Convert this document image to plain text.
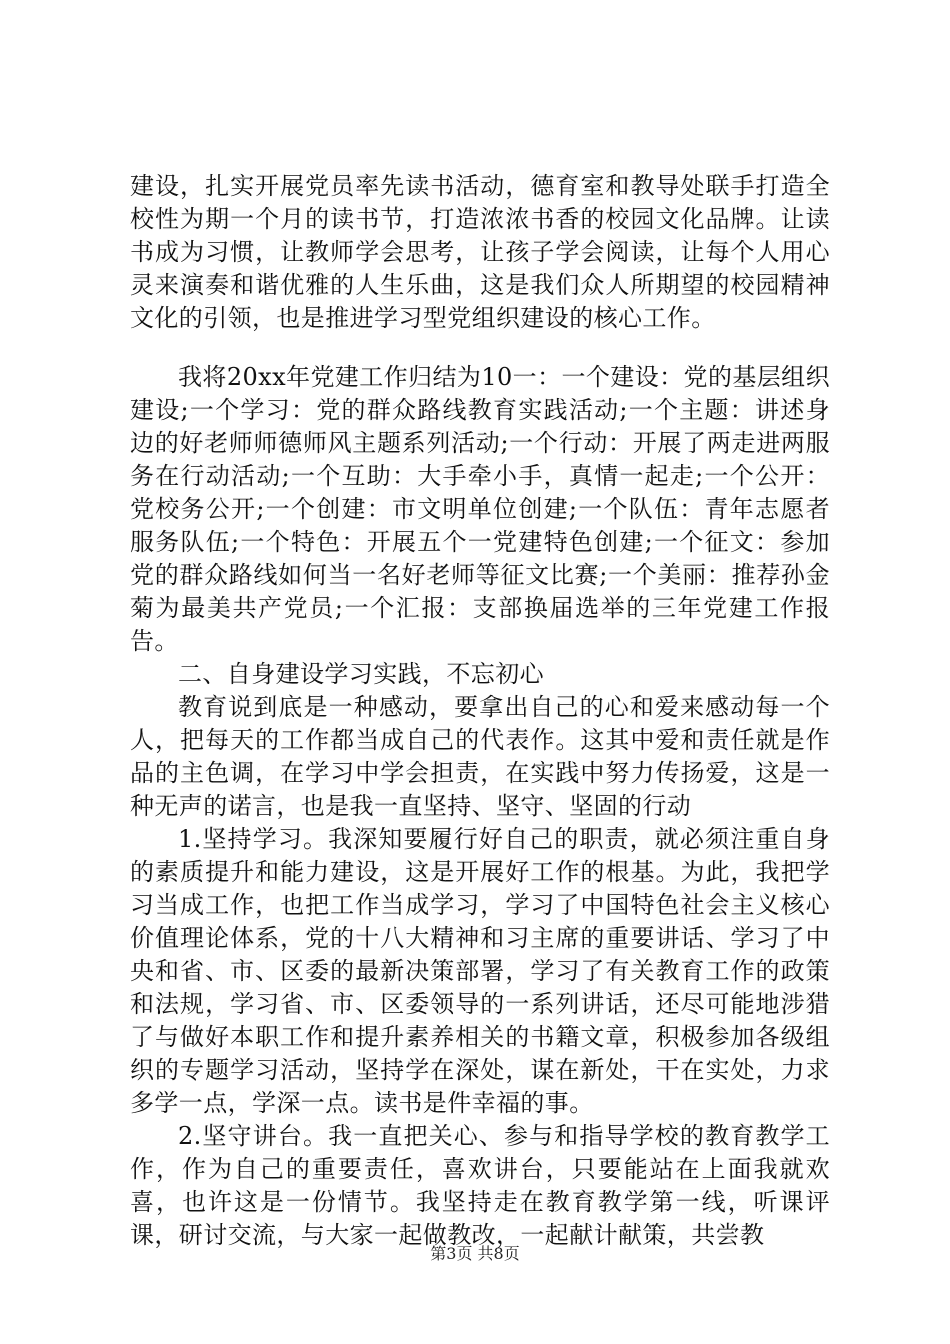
建设，扎实开展党员率先读书活动，德育室和教导处联手打造全校性为期一个月的读书节，打造浓浓书香的校园文化品牌。让读书成为习惯，让教师学会思考，让孩子学会阅读，让每个人用心灵来演奏和谐优雅的人生乐曲，这是我们众人所期望的校园精神文化的引领，也是推进学习型党组织建设的核心工作。

我将20xx年党建工作归结为10一：一个建设：党的基层组织建设;一个学习：党的群众路线教育实践活动;一个主题：讲述身边的好老师师德师风主题系列活动;一个行动：开展了两走进两服务在行动活动;一个互助：大手牵小手，真情一起走;一个公开：党校务公开;一个创建：市文明单位创建;一个队伍：青年志愿者服务队伍;一个特色：开展五个一党建特色创建;一个征文：参加党的群众路线如何当一名好老师等征文比赛;一个美丽：推荐孙金菊为最美共产党员;一个汇报：支部换届选举的三年党建工作报告。

二、自身建设学习实践，不忘初心

教育说到底是一种感动，要拿出自己的心和爱来感动每一个人，把每天的工作都当成自己的代表作。这其中爱和责任就是作品的主色调，在学习中学会担责，在实践中努力传扬爱，这是一种无声的诺言，也是我一直坚持、坚守、坚固的行动

1.坚持学习。我深知要履行好自己的职责，就必须注重自身的素质提升和能力建设，这是开展好工作的根基。为此，我把学习当成工作，也把工作当成学习，学习了中国特色社会主义核心价值理论体系，党的十八大精神和习主席的重要讲话、学习了中央和省、市、区委的最新决策部署，学习了有关教育工作的政策和法规，学习省、市、区委领导的一系列讲话，还尽可能地涉猎了与做好本职工作和提升素养相关的书籍文章，积极参加各级组织的专题学习活动，坚持学在深处，谋在新处，干在实处，力求多学一点，学深一点。读书是件幸福的事。

2.坚守讲台。我一直把关心、参与和指导学校的教育教学工作，作为自己的重要责任，喜欢讲台，只要能站在上面我就欢喜，也许这是一份情节。我坚持走在教育教学第一线，听课评课，研讨交流，与大家一起做教改，一起献计献策，共尝教

第3页 共8页
